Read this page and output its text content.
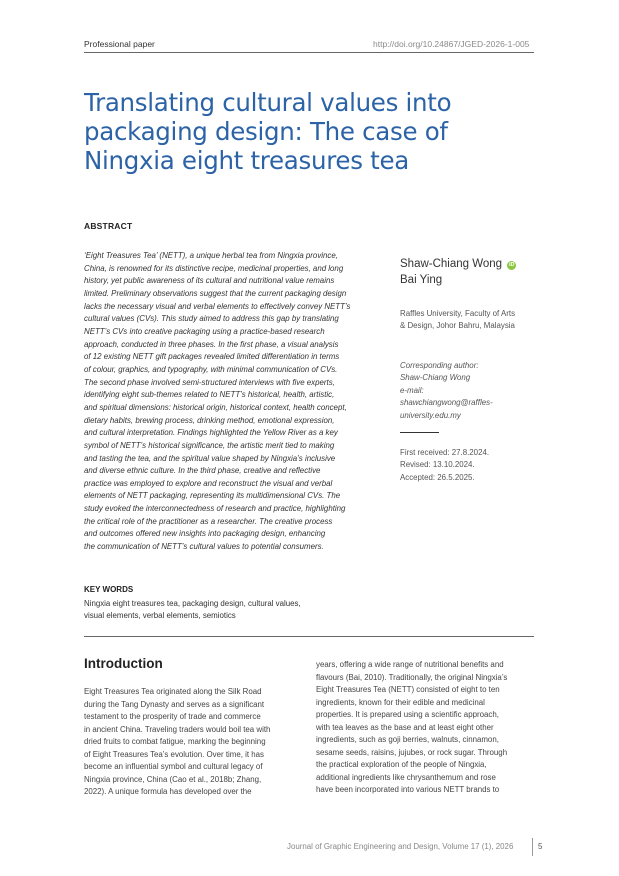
Professional paper	http://doi.org/10.24867/JGED-2026-1-005
Translating cultural values into
packaging design: The case of
Ningxia eight treasures tea
ABSTRACT
‘Eight Treasures Tea’ (NETT), a unique herbal tea from Ningxia province,
China, is renowned for its distinctive recipe, medicinal properties, and long
history, yet public awareness of its cultural and nutritional value remains
limited. Preliminary observations suggest that the current packaging design
lacks the necessary visual and verbal elements to effectively convey NETT’s
cultural values (CVs). This study aimed to address this gap by translating
NETT’s CVs into creative packaging using a practice-based research
approach, conducted in three phases. In the first phase, a visual analysis
of 12 existing NETT gift packages revealed limited differentiation in terms
of colour, graphics, and typography, with minimal communication of CVs.
The second phase involved semi-structured interviews with five experts,
identifying eight sub-themes related to NETT’s historical, health, artistic,
and spiritual dimensions: historical origin, historical context, health concept,
dietary habits, brewing process, drinking method, emotional expression,
and cultural interpretation. Findings highlighted the Yellow River as a key
symbol of NETT’s historical significance, the artistic merit tied to making
and tasting the tea, and the spiritual value shaped by Ningxia’s inclusive
and diverse ethnic culture. In the third phase, creative and reflective
practice was employed to explore and reconstruct the visual and verbal
elements of NETT packaging, representing its multidimensional CVs. The
study evoked the interconnectedness of research and practice, highlighting
the critical role of the practitioner as a researcher. The creative process
and outcomes offered new insights into packaging design, enhancing
the communication of NETT’s cultural values to potential consumers.
Shaw-Chiang Wong iD
Bai Ying
Raffles University, Faculty of Arts
& Design, Johor Bahru, Malaysia
Corresponding author:
Shaw-Chiang Wong
e-mail:
shawchiangwong@raffles-
university.edu.my
First received: 27.8.2024.
Revised: 13.10.2024.
Accepted: 26.5.2025.
KEY WORDS
Ningxia eight treasures tea, packaging design, cultural values,
visual elements, verbal elements, semiotics
Introduction
Eight Treasures Tea originated along the Silk Road
during the Tang Dynasty and serves as a significant
testament to the prosperity of trade and commerce
in ancient China. Traveling traders would boil tea with
dried fruits to combat fatigue, marking the beginning
of Eight Treasures Tea’s evolution. Over time, it has
become an influential symbol and cultural legacy of
Ningxia province, China (Cao et al., 2018b; Zhang,
2022). A unique formula has developed over the
years, offering a wide range of nutritional benefits and
flavours (Bai, 2010). Traditionally, the original Ningxia’s
Eight Treasures Tea (NETT) consisted of eight to ten
ingredients, known for their edible and medicinal
properties. It is prepared using a scientific approach,
with tea leaves as the base and at least eight other
ingredients, such as goji berries, walnuts, cinnamon,
sesame seeds, raisins, jujubes, or rock sugar. Through
the practical exploration of the people of Ningxia,
additional ingredients like chrysanthemum and rose
have been incorporated into various NETT brands to
Journal of Graphic Engineering and Design, Volume 17 (1), 2026	5
